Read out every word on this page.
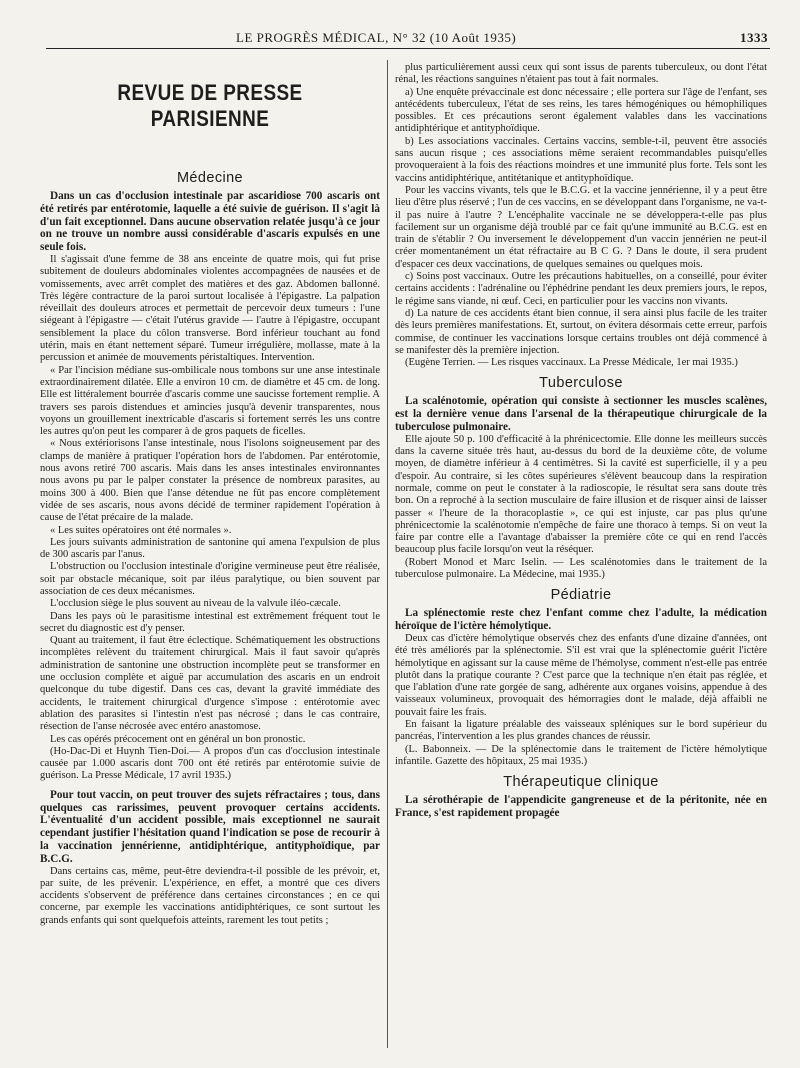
LE PROGRÈS MÉDICAL, N° 32 (10 Août 1935)	1333
REVUE DE PRESSE PARISIENNE
Médecine

Dans un cas d'occlusion intestinale par ascaridiose 700 ascaris ont été retirés par entérotomie, laquelle a été suivie de guérison. Il s'agit là d'un fait exceptionnel. Dans aucune observation relatée jusqu'à ce jour on ne trouve un nombre aussi considérable d'ascaris expulsés en une seule fois.

Il s'agissait d'une femme de 38 ans enceinte de quatre mois, qui fut prise subitement de douleurs abdominales violentes accompagnées de nausées et de vomissements, avec arrêt complet des matières et des gaz. Abdomen ballonné. Très légère contracture de la paroi surtout localisée à l'épigastre. La palpation réveillait des douleurs atroces et permettait de percevoir deux tumeurs : l'une siégeant à l'épigastre — c'était l'utérus gravide — l'autre à l'épigastre, occupant sensiblement la place du côlon transverse. Bord inférieur touchant au fond utérin, mais en étant nettement séparé. Tumeur irrégulière, mollasse, mate à la percussion et animée de mouvements péristaltiques. Intervention.

« Par l'incision médiane sus-ombilicale nous tombons sur une anse intestinale extraordinairement dilatée. Elle a environ 10 cm. de diamètre et 45 cm. de long. Elle est littéralement bourrée d'ascaris comme une saucisse fortement remplie. A travers ses parois distendues et amincies jusqu'à devenir transparentes, nous voyons un grouillement inextricable d'ascaris si fortement serrés les uns contre les autres qu'on peut les comparer à de gros paquets de ficelles.

« Nous extériorisons l'anse intestinale, nous l'isolons soigneusement par des clamps de manière à pratiquer l'opération hors de l'abdomen. Par entérotomie, nous avons retiré 700 ascaris. Mais dans les anses intestinales environnantes nous avons pu par le palper constater la présence de nombreux parasites, au moins 300 à 400. Bien que l'anse détendue ne fût pas encore complètement vidée de ses ascaris, nous avons décidé de terminer rapidement l'opération à cause de l'état précaire de la malade.

« Les suites opératoires ont été normales ».

Les jours suivants administration de santonine qui amena l'expulsion de plus de 300 ascaris par l'anus.

L'obstruction ou l'occlusion intestinale d'origine vermineuse peut être réalisée, soit par obstacle mécanique, soit par iléus paralytique, ou bien souvent par association de ces deux mécanismes.

L'occlusion siège le plus souvent au niveau de la valvule iléo-cæcale.

Dans les pays où le parasitisme intestinal est extrêmement fréquent tout le secret du diagnostic est d'y penser.

Quant au traitement, il faut être éclectique. Schématiquement les obstructions incomplètes relèvent du traitement chirurgical. Mais il faut savoir qu'après administration de santonine une obstruction incomplète peut se transformer en une occlusion complète et aiguë par accumulation des ascaris en un endroit quelconque du tube digestif. Dans ces cas, devant la gravité immédiate des accidents, le traitement chirurgical d'urgence s'impose : entérotomie avec ablation des parasites si l'intestin n'est pas nécrosé ; dans le cas contraire, résection de l'anse nécrosée avec entéro anastomose.

Les cas opérés précocement ont en général un bon pronostic.

(Ho-Dac-Di et Huynh Tien-Doi.— A propos d'un cas d'occlusion intestinale causée par 1.000 ascaris dont 700 ont été retirés par entérotomie suivie de guérison. La Presse Médicale, 17 avril 1935.)

Pour tout vaccin, on peut trouver des sujets réfractaires ; tous, dans quelques cas rarissimes, peuvent provoquer certains accidents. L'éventualité d'un accident possible, mais exceptionnel ne saurait cependant justifier l'hésitation quand l'indication se pose de recourir à la vaccination jennérienne, antidiphtérique, antityphoïdique, par B.C.G.

Dans certains cas, même, peut-être deviendra-t-il possible de les prévoir, et, par suite, de les prévenir. L'expérience, en effet, a montré que ces divers accidents s'observent de préférence dans certaines circonstances ; en ce qui concerne, par exemple les vaccinations antidiphtériques, ce sont surtout les grands enfants qui sont quelquefois atteints, rarement les tout petits ;

plus particulièrement aussi ceux qui sont issus de parents tuberculeux, ou dont l'état rénal, les réactions sanguines n'étaient pas tout à fait normales.

a) Une enquête prévaccinale est donc nécessaire ; elle portera sur l'âge de l'enfant, ses antécédents tuberculeux, l'état de ses reins, les tares hémogéniques ou hémophiliques possibles. Et ces précautions seront également valables dans les vaccinations antidiphtérique et antityphoïdique.

b) Les associations vaccinales. Certains vaccins, semble-t-il, peuvent être associés sans aucun risque ; ces associations même seraient recommandables puisqu'elles provoqueraient à la fois des réactions moindres et une immunité plus forte. Tels sont les vaccins antidiphtérique, antitétanique et antityphoïdique.

Pour les vaccins vivants, tels que le B.C.G. et la vaccine jennérienne, il y a peut être lieu d'être plus réservé ; l'un de ces vaccins, en se développant dans l'organisme, ne va-t-il pas nuire à l'autre ? L'encéphalite vaccinale ne se développera-t-elle pas plus facilement sur un organisme déjà troublé par ce fait qu'une immunité au B.C.G. est en train de s'établir ? Ou inversement le développement d'un vaccin jennérien ne peut-il créer momentanément un état réfractaire au B C G. ? Dans le doute, il sera prudent d'espacer ces deux vaccinations, de quelques semaines ou quelques mois.

c) Soins post vaccinaux. Outre les précautions habituelles, on a conseillé, pour éviter certains accidents : l'adrénaline ou l'éphédrine pendant les deux premiers jours, le repos, le régime sans viande, ni œuf. Ceci, en particulier pour les vaccins non vivants.

d) La nature de ces accidents étant bien connue, il sera ainsi plus facile de les traiter dès leurs premières manifestations. Et, surtout, on évitera désormais cette erreur, parfois commise, de continuer les vaccinations lorsque certains troubles ont déjà commencé à se manifester dès la première injection.

(Eugène Terrien. — Les risques vaccinaux. La Presse Médicale, 1er mai 1935.)

Tuberculose

La scalénotomie, opération qui consiste à sectionner les muscles scalènes, est la dernière venue dans l'arsenal de la thérapeutique chirurgicale de la tuberculose pulmonaire.

Elle ajoute 50 p. 100 d'efficacité à la phrénicectomie. Elle donne les meilleurs succès dans la caverne située très haut, au-dessus du bord de la deuxième côte, de volume moyen, de diamètre inférieur à 4 centimètres. Si la cavité est superficielle, il y a peu d'espoir. Au contraire, si les côtes supérieures s'élèvent beaucoup dans la respiration normale, comme on peut le constater à la radioscopie, le résultat sera sans doute très bon. On a reproché à la section musculaire de faire illusion et de risquer ainsi de laisser passer « l'heure de la thoracoplastie », ce qui est injuste, car pas plus qu'une phrénicectomie la scalénotomie n'empêche de faire une thoraco à temps. Si on veut la faire par contre elle a l'avantage d'abaisser la première côte ce qui en rend l'accès beaucoup plus facile lorsqu'on veut la réséquer.

(Robert Monod et Marc Iselin. — Les scalénotomies dans le traitement de la tuberculose pulmonaire. La Médecine, mai 1935.)

Pédiatrie

La splénectomie reste chez l'enfant comme chez l'adulte, la médication héroïque de l'ictère hémolytique.

Deux cas d'ictère hémolytique observés chez des enfants d'une dizaine d'années, ont été très améliorés par la splénectomie. S'il est vrai que la splénectomie guérit l'ictère hémolytique en agissant sur la cause même de l'hémolyse, comment n'est-elle pas entrée plutôt dans la pratique courante ? C'est parce que la technique n'en était pas réglée, et que l'ablation d'une rate gorgée de sang, adhérente aux organes voisins, appendue à des vaisseaux volumineux, provoquait des hémorragies dont le malade, déjà affaibli ne pouvait faire les frais.

En faisant la ligature préalable des vaisseaux spléniques sur le bord supérieur du pancréas, l'intervention a les plus grandes chances de réussir.

(L. Babonneix. — De la splénectomie dans le traitement de l'ictère hémolytique infantile. Gazette des hôpitaux, 25 mai 1935.)

Thérapeutique clinique

La sérothérapie de l'appendicite gangreneuse et de la péritonite, née en France, s'est rapidement propagée
